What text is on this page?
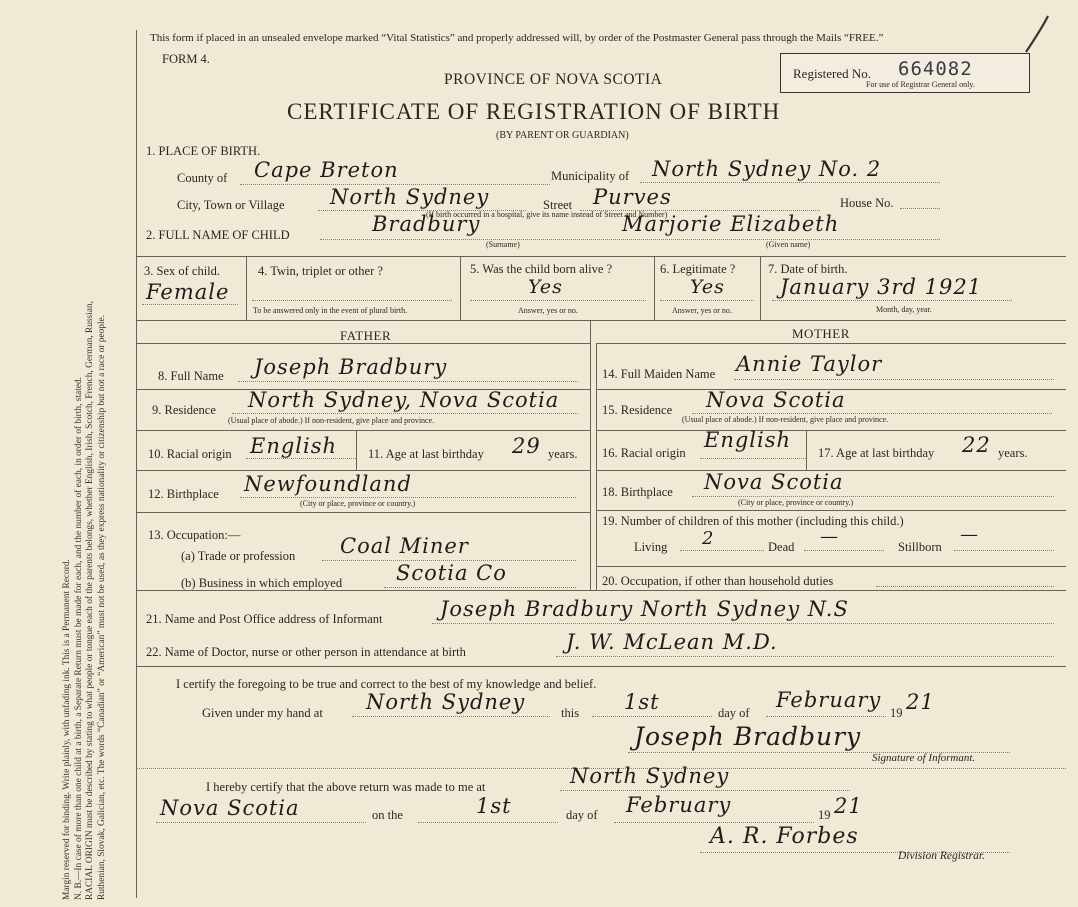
Margin reserved for binding. Write plainly, with unfading ink. This is a Permanent Record. N. B.—In case of more than one child at a birth, a Separate Return must be made for each, and the number of each, in order of birth, stated. RACIAL ORIGIN must be described by stating to what people or tongue each of the parents belongs, whether English, Irish, Scotch, French, German, Russian, Ruthenian, Slovak, Galician, etc. The words “Canadian” or “American” must not be used, as they express nationality or citizenship but not a race or people.
This form if placed in an unsealed envelope marked “Vital Statistics” and properly addressed will, by order of the Postmaster General pass through the Mails “FREE.”
FORM 4.
PROVINCE OF NOVA SCOTIA
CERTIFICATE OF REGISTRATION OF BIRTH
(BY PARENT OR GUARDIAN)
Registered No. 664082
For use of Registrar General only.
1. PLACE OF BIRTH.
County of Cape Breton	Municipality of North Sydney No. 2
City, Town or Village North Sydney	Street Purves	House No.
(If birth occurred in a hospital, give its name instead of Street and Number)
2. FULL NAME OF CHILD	Bradbury	Marjorie Elizabeth
(Surname)	(Given name)
3. Sex of child.
Female
4. Twin, triplet or other ?
To be answered only in the event of plural birth.
5. Was the child born alive ?
Yes
Answer, yes or no.
6. Legitimate ?
Yes
Answer, yes or no.
7. Date of birth.
January 3rd 1921
Month, day, year.
FATHER	MOTHER
8. Full Name Joseph Bradbury
9. Residence North Sydney, Nova Scotia
(Usual place of abode.) If non-resident, give place and province.
10. Racial origin English 11. Age at last birthday 29 years.
12. Birthplace Newfoundland
(City or place, province or country.)
13. Occupation:—
(a) Trade or profession Coal Miner
(b) Business in which employed	Scotia Co
14. Full Maiden Name Annie Taylor
15. Residence Nova Scotia
(Usual place of abode.) If non-resident, give place and province.
16. Racial origin
English
17. Age at last birthday 22 years.
18. Birthplace Nova Scotia
(City or place, province or country.)
19. Number of children of this mother (including this child.)
Living 2	Dead —	Stillborn
—
20. Occupation, if other than household duties
21. Name and Post Office address of Informant	Joseph Bradbury North Sydney N.S
22. Name of Doctor, nurse or other person in attendance at birth	J. W. McLean M.D.
I certify the foregoing to be true and correct to the best of my knowledge and belief.
Given under my hand at North Sydney	this 1st	day of
February
19 21
Joseph Bradbury
Signature of Informant.
I hereby certify that the above return was made to me at	North Sydney
Nova Scotia	on the	1st	day of February	19 21
A. R. Forbes
Division Registrar.
